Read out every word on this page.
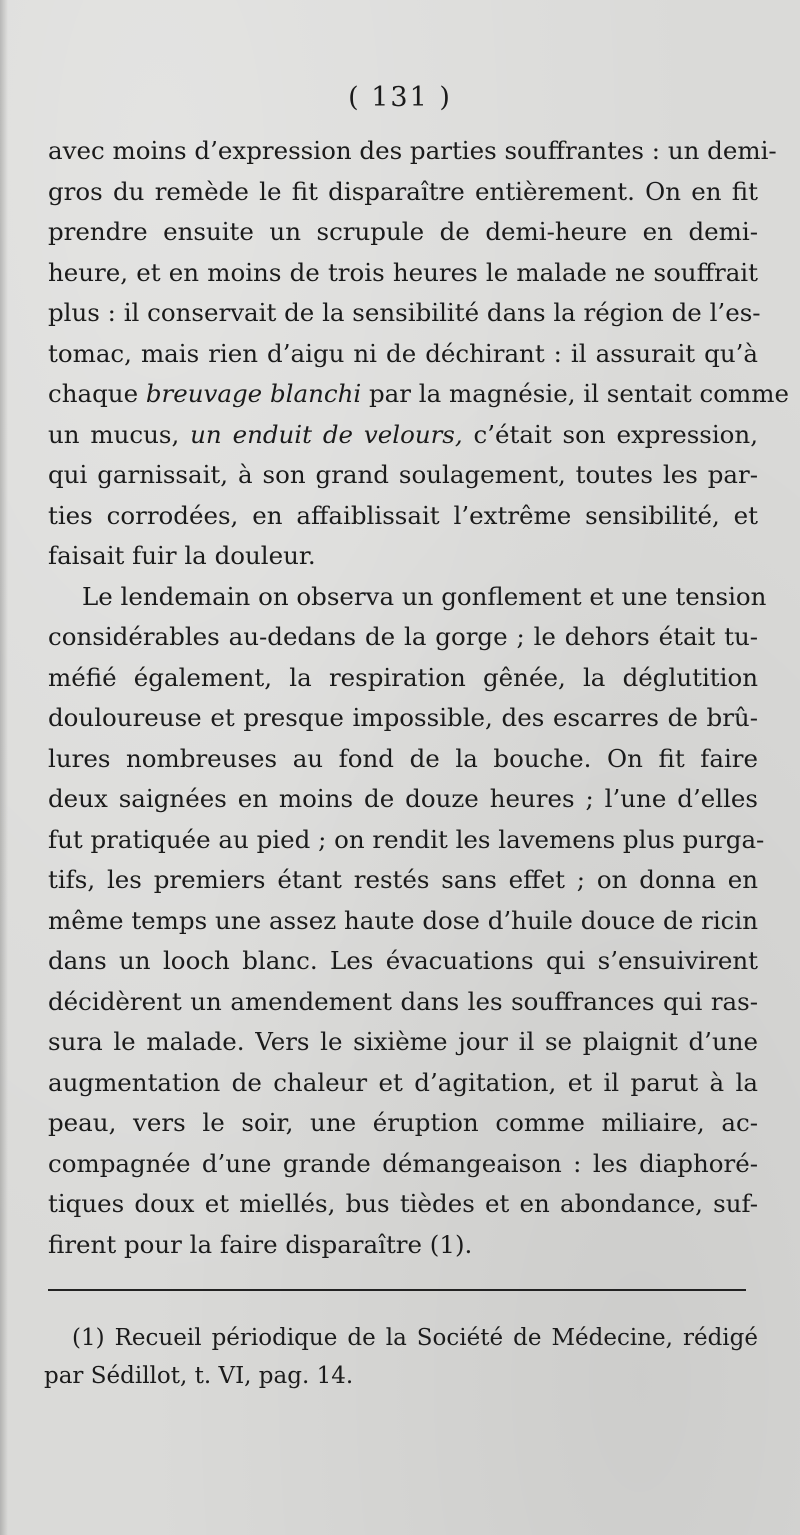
( 131 )
avec moins d’expression des parties souffrantes : un demi-
gros du remède le fit disparaître entièrement. On en fit
prendre ensuite un scrupule de demi-heure en demi-
heure, et en moins de trois heures le malade ne souffrait
plus : il conservait de la sensibilité dans la région de l’es-
tomac, mais rien d’aigu ni de déchirant : il assurait qu’à
chaque breuvage blanchi par la magnésie, il sentait comme
un mucus, un enduit de velours, c’était son expression,
qui garnissait, à son grand soulagement, toutes les par-
ties corrodées, en affaiblissait l’extrême sensibilité, et
faisait fuir la douleur.
Le lendemain on observa un gonflement et une tension
considérables au-dedans de la gorge ; le dehors était tu-
méfié également, la respiration gênée, la déglutition
douloureuse et presque impossible, des escarres de brû-
lures nombreuses au fond de la bouche. On fit faire
deux saignées en moins de douze heures ; l’une d’elles
fut pratiquée au pied ; on rendit les lavemens plus purga-
tifs, les premiers étant restés sans effet ; on donna en
même temps une assez haute dose d’huile douce de ricin
dans un looch blanc. Les évacuations qui s’ensuivirent
décidèrent un amendement dans les souffrances qui ras-
sura le malade. Vers le sixième jour il se plaignit d’une
augmentation de chaleur et d’agitation, et il parut à la
peau, vers le soir, une éruption comme miliaire, ac-
compagnée d’une grande démangeaison : les diaphoré-
tiques doux et miellés, bus tièdes et en abondance, suf-
firent pour la faire disparaître (1).
(1) Recueil périodique de la Société de Médecine, rédigé
par Sédillot, t. VI, pag. 14.
